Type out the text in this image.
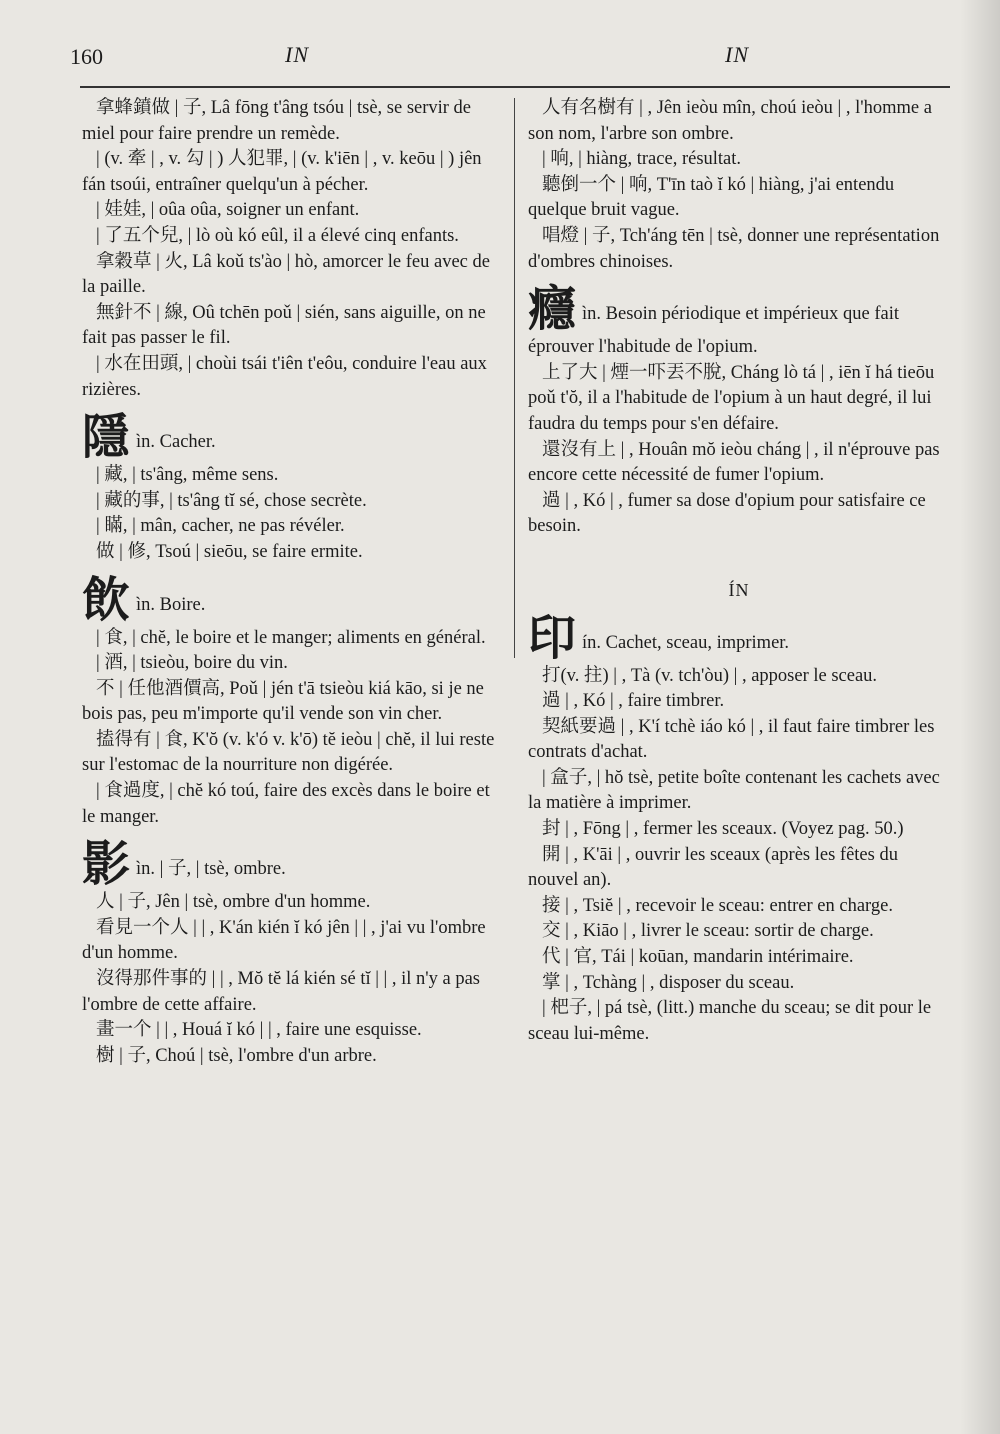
160	IN	IN

拿蜂鐼做 | 子, Lâ fōng t'âng tsóu | tsè, se servir de miel pour faire prendre un remède.

| (v. 牽 | , v. 勾 | ) 人犯罪, | (v. k'iēn | , v. keōu | ) jên fán tsoúi, entraîner quelqu'un à pécher.

| 娃娃, | oûa oûa, soigner un enfant.

| 了五个兒, | lò où kó eûl, il a élevé cinq enfants.

拿穀草 | 火, Lâ koǔ ts'ào | hò, amorcer le feu avec de la paille.

無針不 | 線, Oû tchēn poǔ | sién, sans aiguille, on ne fait pas passer le fil.

| 水在田頭, | choùi tsái t'iên t'eôu, conduire l'eau aux rizières.

隱ìn. Cacher.

| 藏, | ts'âng, même sens.

| 藏的事, | ts'âng tĭ sé, chose secrète.

| 瞞, | mân, cacher, ne pas révéler.

做 | 修, Tsoú | sieōu, se faire ermite.

飲ìn. Boire.

| 食, | chĕ, le boire et le manger; aliments en général.

| 酒, | tsieòu, boire du vin.

不 | 任他酒價高, Poǔ | jén t'ā tsieòu kiá kāo, si je ne bois pas, peu m'importe qu'il vende son vin cher.

搕得有 | 食, K'ŏ (v. k'ó v. k'ō) tĕ ieòu | chĕ, il lui reste sur l'estomac de la nourriture non digérée.

| 食過度, | chĕ kó toú, faire des excès dans le boire et le manger.

影ìn. | 子, | tsè, ombre.

人 | 子, Jên | tsè, ombre d'un homme.

看見一个人 | | , K'án kién ĭ kó jên | | , j'ai vu l'ombre d'un homme.

沒得那件事的 | | , Mŏ tĕ lá kién sé tĭ | | , il n'y a pas l'ombre de cette affaire.

畫一个 | | , Houá ĭ kó | | , faire une esquisse.

樹 | 子, Choú | tsè, l'ombre d'un arbre.

人有名樹有 | , Jên ieòu mîn, choú ieòu | , l'homme a son nom, l'arbre son ombre.

| 响, | hiàng, trace, résultat.

聽倒一个 | 响, T'īn taò ĭ kó | hiàng, j'ai entendu quelque bruit vague.

唱燈 | 子, Tch'áng tēn | tsè, donner une représentation d'ombres chinoises.

癮ìn. Besoin périodique et impérieux que fait éprouver l'habitude de l'opium.

上了大 | 煙一吓丟不脫, Cháng lò tá | , iēn ĭ há tieōu poǔ t'ŏ, il a l'habitude de l'opium à un haut degré, il lui faudra du temps pour s'en défaire.

還沒有上 | , Houân mŏ ieòu cháng | , il n'éprouve pas encore cette nécessité de fumer l'opium.

過 | , Kó | , fumer sa dose d'opium pour satisfaire ce besoin.

ÍN

印ín. Cachet, sceau, imprimer.

打(v. 拄) | , Tà (v. tch'òu) | , apposer le sceau.

過 | , Kó | , faire timbrer.

契紙要過 | , K'í tchè iáo kó | , il faut faire timbrer les contrats d'achat.

| 盒子, | hŏ tsè, petite boîte contenant les cachets avec la matière à imprimer.

封 | , Fōng | , fermer les sceaux. (Voyez pag. 50.)

開 | , K'āi | , ouvrir les sceaux (après les fêtes du nouvel an).

接 | , Tsiĕ | , recevoir le sceau: entrer en charge.

交 | , Kiāo | , livrer le sceau: sortir de charge.

代 | 官, Tái | koūan, mandarin intérimaire.

掌 | , Tchàng | , disposer du sceau.

| 杷子, | pá tsè, (litt.) manche du sceau; se dit pour le sceau lui-même.
